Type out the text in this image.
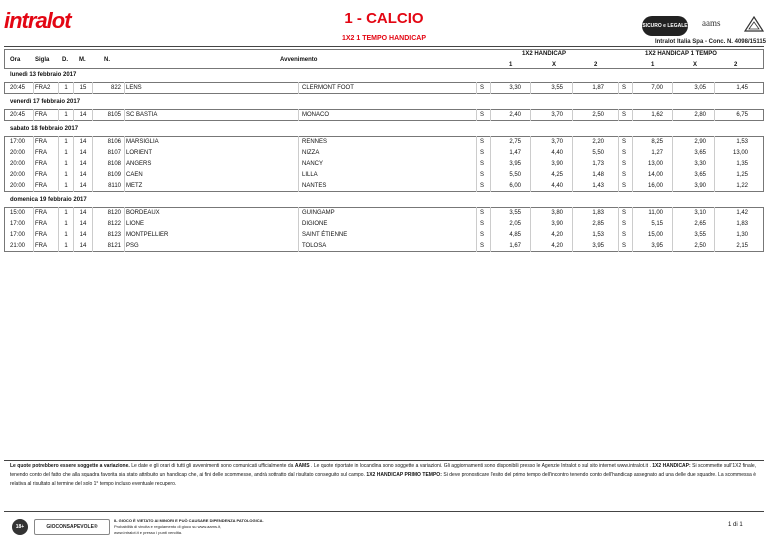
intralot	1 - CALCIO
1X2 1 TEMPO HANDICAP
SICURO e LEGALE aams
Intralot Italia Spa - Conc. N. 4098/15115
Ora Sigla D. M.	N.	Avvenimento
1X2 HANDICAP	1X2 HANDICAP 1 TEMPO
1	X	2	1	X	2
lunedì 13 febbraio 2017
20:45	FRA2	1	15	822 LENS	CLERMONT FOOT	S	3,30	3,55	1,87	S	7,00	3,05	1,45
venerdì 17 febbraio 2017
20:45	FRA	1	14	8105 SC BASTIA	MONACO	S	2,40	3,70	2,50	S	1,62	2,80	6,75
sabato 18 febbraio 2017
17:00	FRA	1	14	8106 MARSIGLIA	RENNES	S	2,75	3,70	2,20	S	8,25	2,90	1,53
20:00	FRA	1	14	8107 LORIENT	NIZZA	S	1,47	4,40	5,50	S	1,27	3,65	13,00
20:00	FRA	1	14	8108 ANGERS	NANCY	S	3,95	3,90	1,73	S	13,00	3,30	1,35
20:00	FRA	1	14	8109 CAEN	LILLA	S	5,50	4,25	1,48	S	14,00	3,65	1,25
20:00	FRA	1	14	8110 METZ	NANTES	S	6,00	4,40	1,43	S	16,00	3,90	1,22
domenica 19 febbraio 2017
15:00	FRA	1	14	8120 BORDEAUX	GUINGAMP	S	3,55	3,80	1,83	S	11,00	3,10	1,42
17:00	FRA	1	14	8122 LIONE	DIGIONE	S	2,05	3,90	2,85	S	5,15	2,65	1,83
17:00	FRA	1	14	8123 MONTPELLIER	SAINT ÉTIENNE	S	4,85	4,20	1,53	S	15,00	3,55	1,30
21:00	FRA	1	14	8121 PSG	TOLOSA	S	1,67	4,20	3,95	S	3,95	2,50	2,15
Le quote potrebbero essere soggette a variazione. Le date e gli orari di tutti gli avvenimenti sono comunicati ufficialmente da AAMS . Le quote riportate in locandina sono soggette a variazioni. Gli aggiornamenti sono disponibili presso le Agenzie Intralot o sul sito internet www.intralot.it . 1X2 HANDICAP: Si scommette sull'1X2 finale, tenendo conto del fatto che alla squadra favorita sia stato attribuito un handicap che, ai fini delle scommesse, andrà sottratto dal risultato conseguito sul campo. 1X2 HANDICAP PRIMO TEMPO: Si deve pronosticare l'esito del primo tempo dell'incontro tenendo conto dell'handicap assegnato ad una delle due squadre. La scommessa è relativa al risultato al termine del solo 1° tempo incluso eventuale recupero.
18+	GIOCONSAPEVOLE®
IL GIOCO È VIETATO AI MINORI E PUÒ CAUSARE DIPENDENZA PATOLOGICA.
Probabilità di vincita e regolamento di gioco su www.aams.it,
www.intralot.it e presso i punti vendita.
1 di 1
